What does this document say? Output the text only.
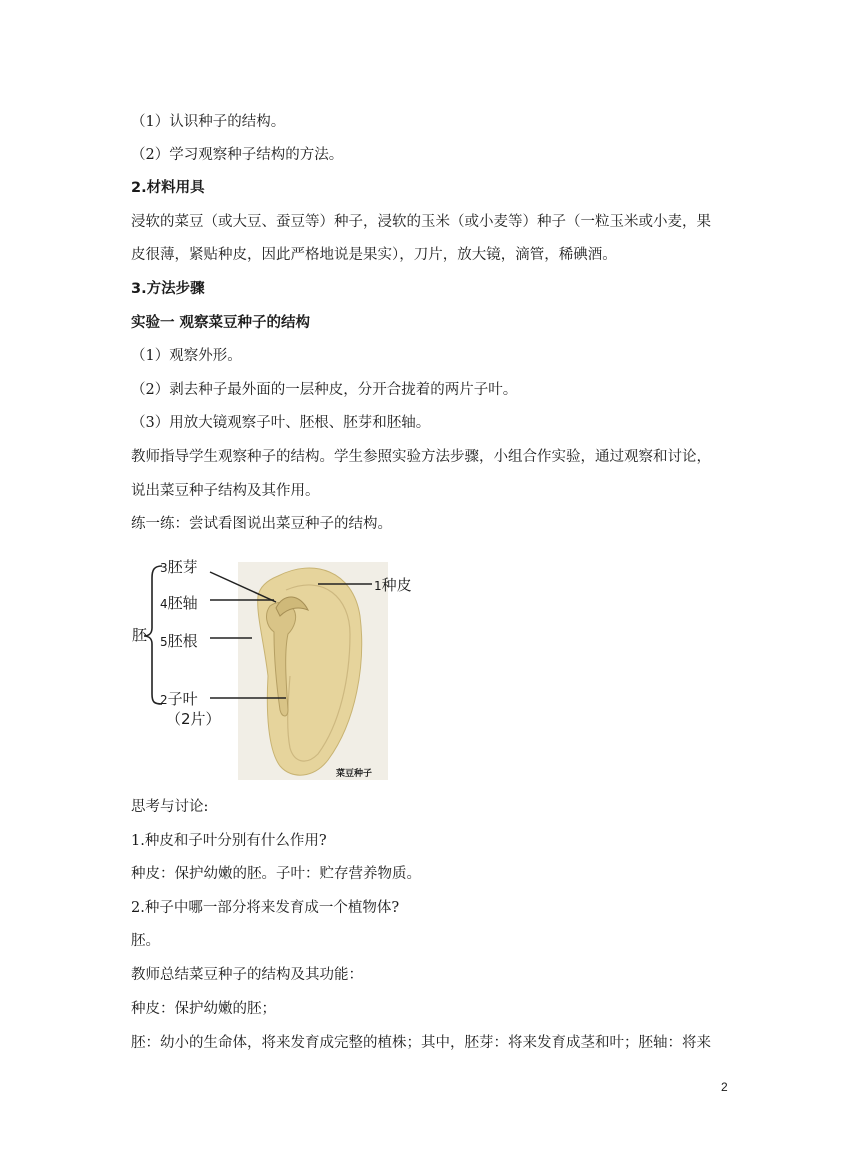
（1）认识种子的结构。
（2）学习观察种子结构的方法。
2.材料用具
浸软的菜豆（或大豆、蚕豆等）种子，浸软的玉米（或小麦等）种子（一粒玉米或小麦，果
皮很薄，紧贴种皮，因此严格地说是果实），刀片，放大镜，滴管，稀碘酒。
3.方法步骤
实验一 观察菜豆种子的结构
（1）观察外形。
（2）剥去种子最外面的一层种皮，分开合拢着的两片子叶。
（3）用放大镜观察子叶、胚根、胚芽和胚轴。
教师指导学生观察种子的结构。学生参照实验方法步骤，小组合作实验，通过观察和讨论，
说出菜豆种子结构及其作用。
练一练：尝试看图说出菜豆种子的结构。
胚
3胚芽
4胚轴
5胚根
2子叶
（2片）
1种皮
菜豆种子
思考与讨论:
1.种皮和子叶分别有什么作用?
种皮：保护幼嫩的胚。子叶：贮存营养物质。
2.种子中哪一部分将来发育成一个植物体?
胚。
教师总结菜豆种子的结构及其功能：
种皮：保护幼嫩的胚；
胚：幼小的生命体，将来发育成完整的植株；其中，胚芽：将来发育成茎和叶；胚轴：将来
2
